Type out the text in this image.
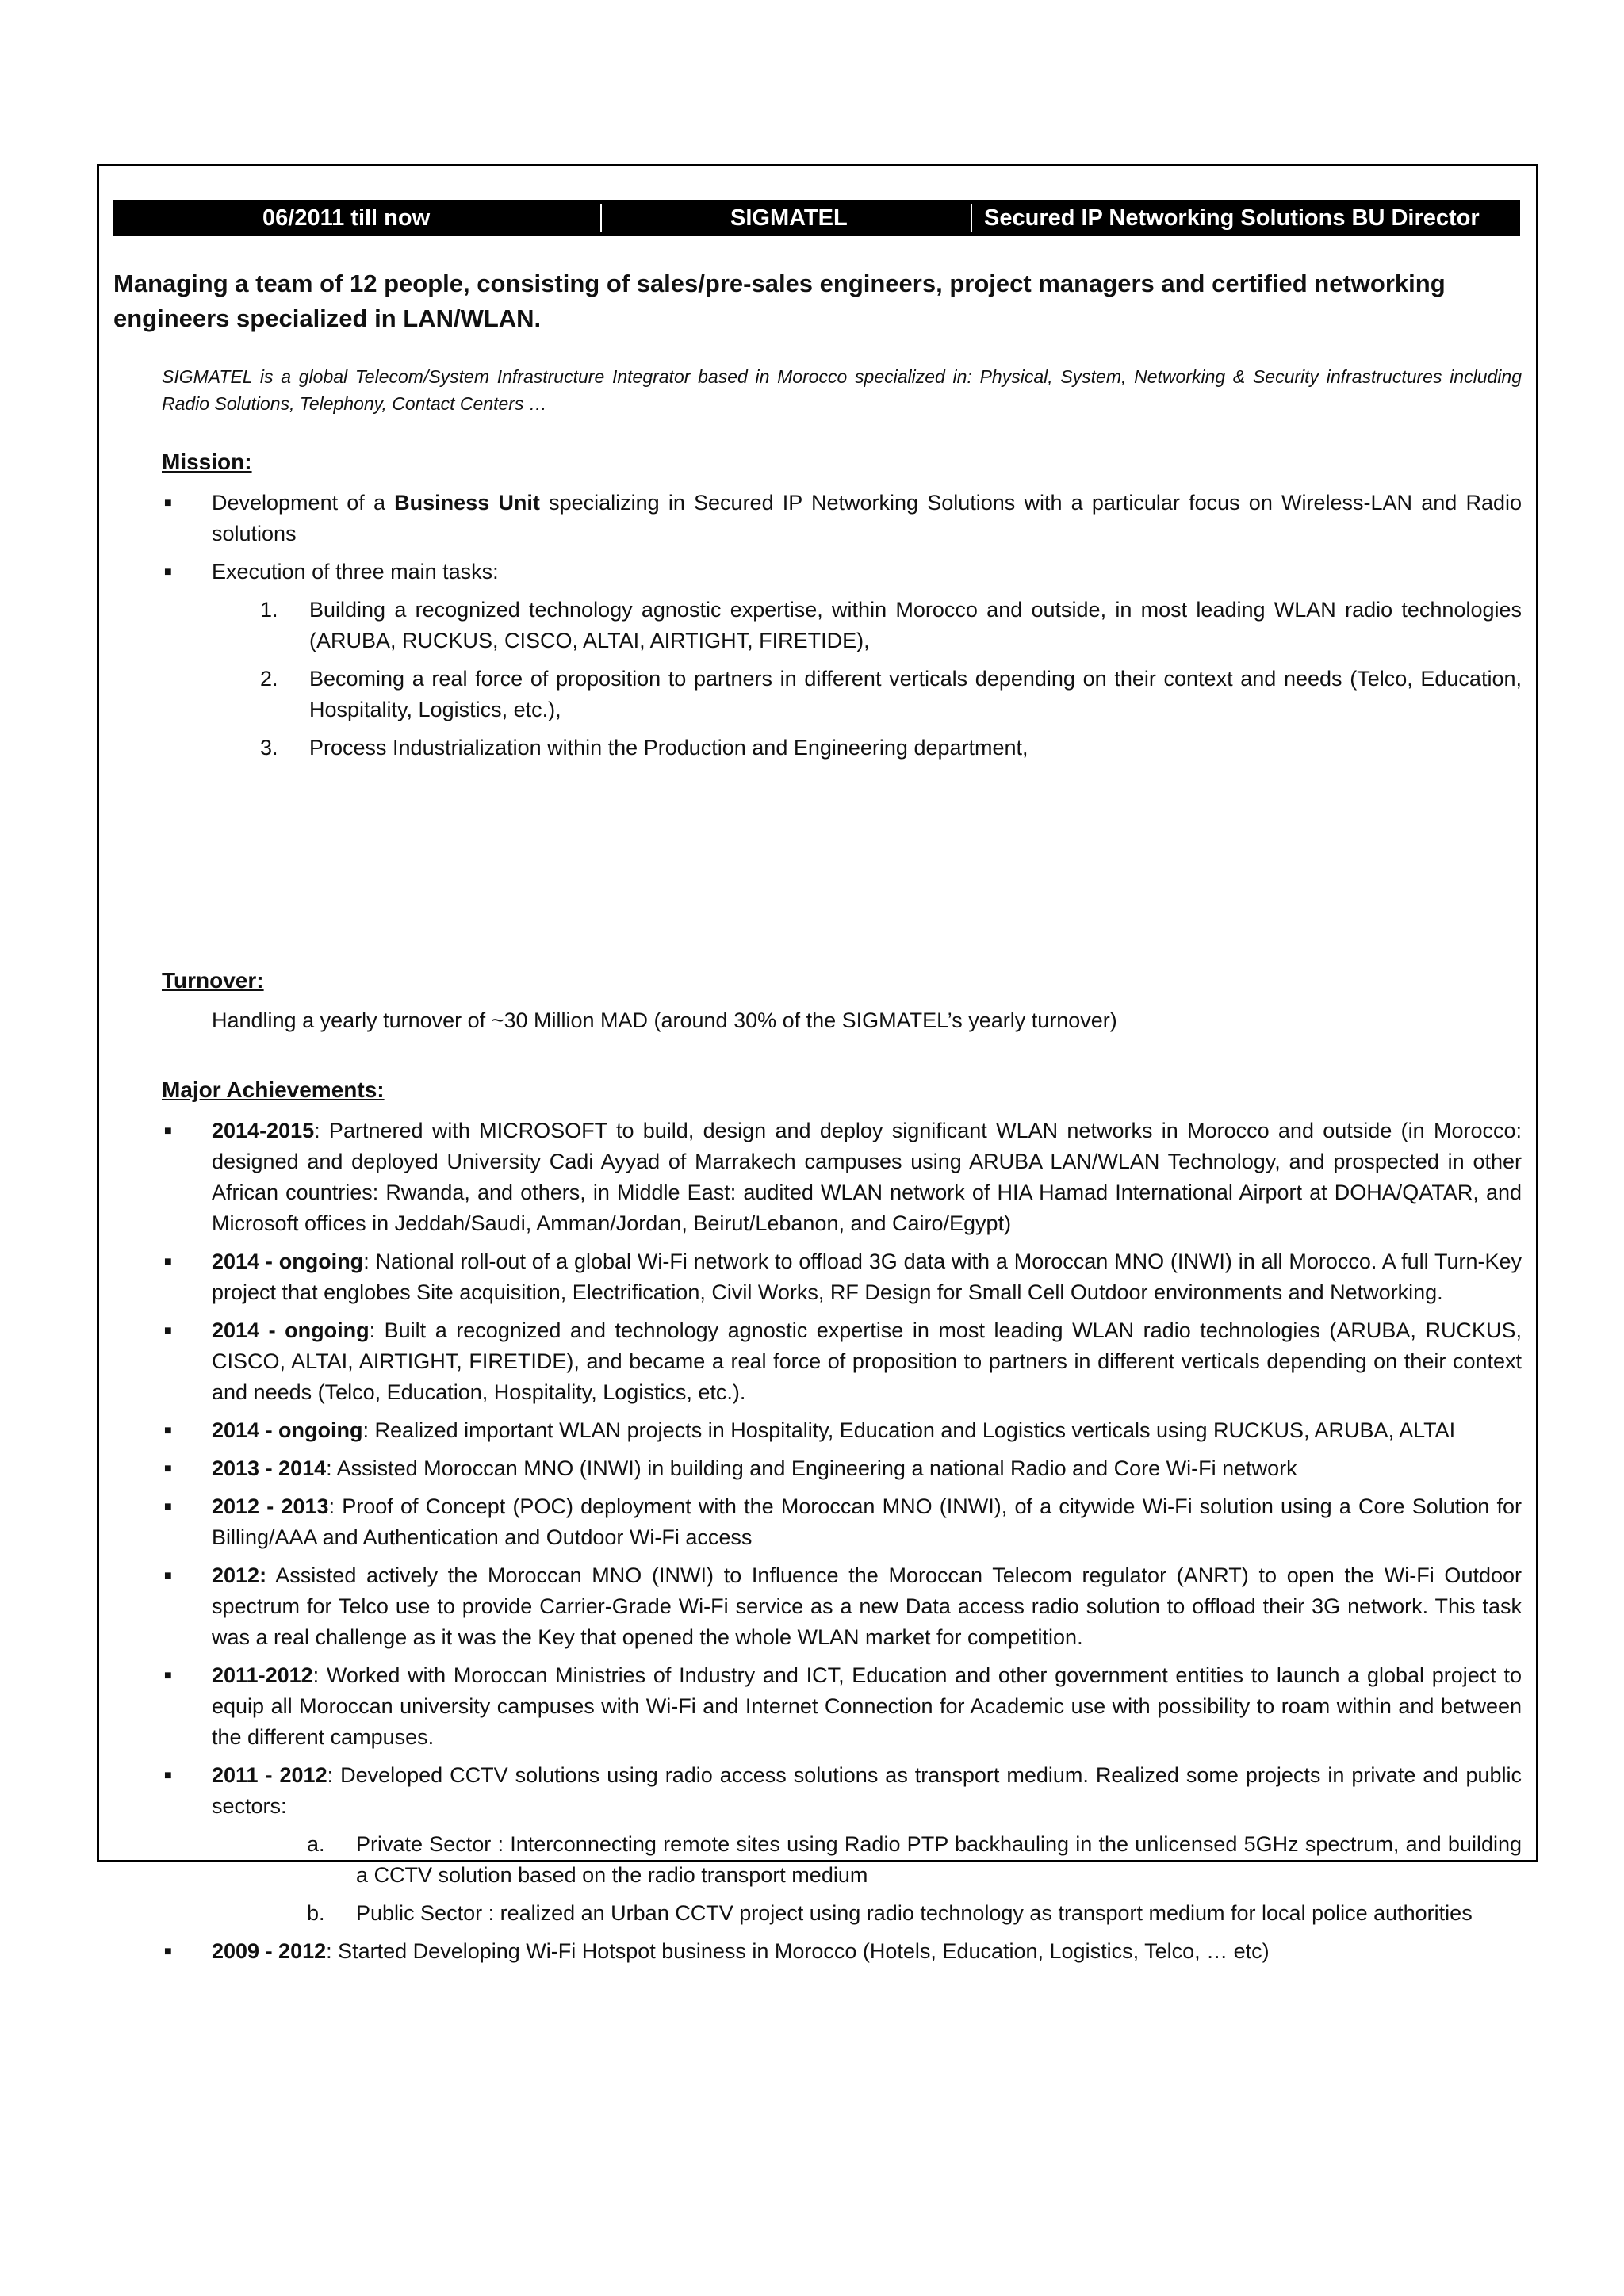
06/2011 till now	SIGMATEL	Secured IP Networking Solutions BU Director
Managing a team of 12 people, consisting of sales/pre-sales engineers, project managers and certified networking engineers specialized in LAN/WLAN.
SIGMATEL is a global Telecom/System Infrastructure Integrator based in Morocco specialized in: Physical, System, Networking & Security infrastructures including Radio Solutions, Telephony, Contact Centers …
Mission:
■ Development of a Business Unit specializing in Secured IP Networking Solutions with a particular focus on Wireless-LAN and Radio solutions
■ Execution of three main tasks:
1. Building a recognized technology agnostic expertise, within Morocco and outside, in most leading WLAN radio technologies (ARUBA, RUCKUS, CISCO, ALTAI, AIRTIGHT, FIRETIDE),
2. Becoming a real force of proposition to partners in different verticals depending on their context and needs (Telco, Education, Hospitality, Logistics, etc.),
3. Process Industrialization within the Production and Engineering department,
Turnover:
Handling a yearly turnover of ~30 Million MAD (around 30% of the SIGMATEL’s yearly turnover)
Major Achievements:
■ 2014-2015: Partnered with MICROSOFT to build, design and deploy significant WLAN networks in Morocco and outside (in Morocco: designed and deployed University Cadi Ayyad of Marrakech campuses using ARUBA LAN/WLAN Technology, and prospected in other African countries: Rwanda, and others, in Middle East: audited WLAN network of HIA Hamad International Airport at DOHA/QATAR, and Microsoft offices in Jeddah/Saudi, Amman/Jordan, Beirut/Lebanon, and Cairo/Egypt)
■ 2014 - ongoing: National roll-out of a global Wi-Fi network to offload 3G data with a Moroccan MNO (INWI) in all Morocco. A full Turn-Key project that englobes Site acquisition, Electrification, Civil Works, RF Design for Small Cell Outdoor environments and Networking.
■ 2014 - ongoing: Built a recognized and technology agnostic expertise in most leading WLAN radio technologies (ARUBA, RUCKUS, CISCO, ALTAI, AIRTIGHT, FIRETIDE), and became a real force of proposition to partners in different verticals depending on their context and needs (Telco, Education, Hospitality, Logistics, etc.).
■ 2014 - ongoing: Realized important WLAN projects in Hospitality, Education and Logistics verticals using RUCKUS, ARUBA, ALTAI
■ 2013 - 2014: Assisted Moroccan MNO (INWI) in building and Engineering a national Radio and Core Wi-Fi network
■ 2012 - 2013: Proof of Concept (POC) deployment with the Moroccan MNO (INWI), of a citywide Wi-Fi solution using a Core Solution for Billing/AAA and Authentication and Outdoor Wi-Fi access
■ 2012: Assisted actively the Moroccan MNO (INWI) to Influence the Moroccan Telecom regulator (ANRT) to open the Wi-Fi Outdoor spectrum for Telco use to provide Carrier-Grade Wi-Fi service as a new Data access radio solution to offload their 3G network. This task was a real challenge as it was the Key that opened the whole WLAN market for competition.
■ 2011-2012: Worked with Moroccan Ministries of Industry and ICT, Education and other government entities to launch a global project to equip all Moroccan university campuses with Wi-Fi and Internet Connection for Academic use with possibility to roam within and between the different campuses.
■ 2011 - 2012: Developed CCTV solutions using radio access solutions as transport medium. Realized some projects in private and public sectors:
a. Private Sector : Interconnecting remote sites using Radio PTP backhauling in the unlicensed 5GHz spectrum, and building a CCTV solution based on the radio transport medium
b. Public Sector : realized an Urban CCTV project using radio technology as transport medium for local police authorities
■ 2009 - 2012: Started Developing Wi-Fi Hotspot business in Morocco (Hotels, Education, Logistics, Telco, … etc)
